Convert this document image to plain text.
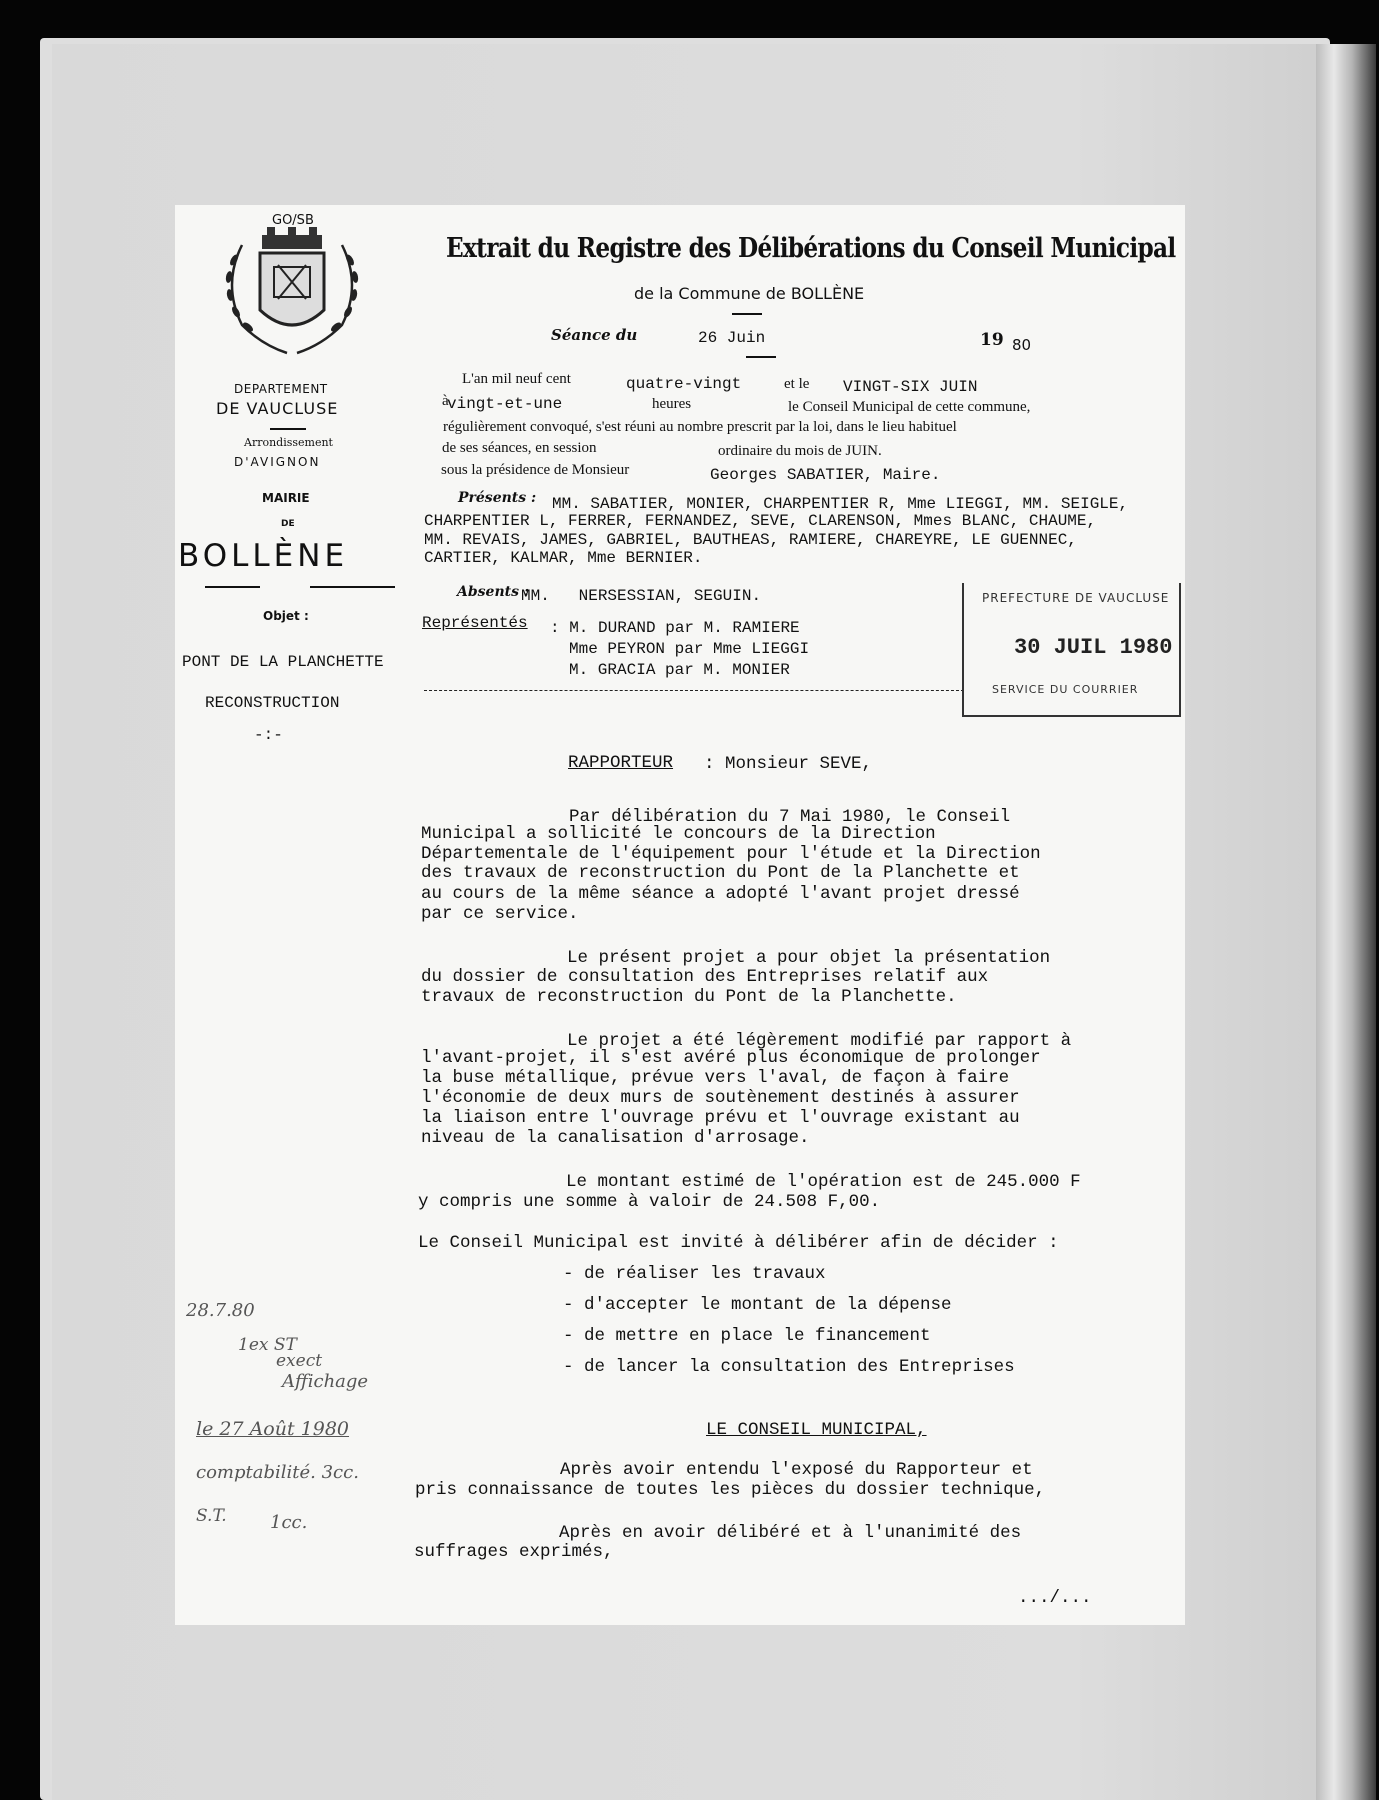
GO/SB
Extrait du Registre des Délibérations du Conseil Municipal
de la Commune de BOLLÈNE
Séance du	26 Juin	19 80
DEPARTEMENT
DE VAUCLUSE
Arrondissement
D'AVIGNON
MAIRIE
DE
BOLLÈNE
Objet :
PONT DE LA PLANCHETTE
RECONSTRUCTION
-:-
L'an mil neuf cent	quatre-vingt	et le VINGT-SIX JUIN
à
vingt-et-une	heures	le Conseil Municipal de cette commune,
régulièrement convoqué, s'est réuni au nombre prescrit par la loi, dans le lieu habituel
de ses séances, en session	ordinaire du mois de JUIN.
sous la présidence de Monsieur	Georges SABATIER, Maire.
Présents : MM. SABATIER, MONIER, CHARPENTIER R, Mme LIEGGI, MM. SEIGLE,
CHARPENTIER L, FERRER, FERNANDEZ, SEVE, CLARENSON, Mmes BLANC, CHAUME,
MM. REVAIS, JAMES, GABRIEL, BAUTHEAS, RAMIERE, CHAREYRE, LE GUENNEC,
CARTIER, KALMAR, Mme BERNIER.
Absents :
MM.   NERSESSIAN, SEGUIN.
Représentés : M. DURAND par M. RAMIERE
Mme PEYRON par Mme LIEGGI
M. GRACIA par M. MONIER
PREFECTURE DE VAUCLUSE
30 JUIL 1980
SERVICE DU COURRIER
RAPPORTEUR : Monsieur SEVE,
Par délibération du 7 Mai 1980, le Conseil
Municipal a sollicité le concours de la Direction
Départementale de l'équipement pour l'étude et la Direction
des travaux de reconstruction du Pont de la Planchette et
au cours de la même séance a adopté l'avant projet dressé
par ce service.
Le présent projet a pour objet la présentation
du dossier de consultation des Entreprises relatif aux
travaux de reconstruction du Pont de la Planchette.
Le projet a été légèrement modifié par rapport à
l'avant-projet, il s'est avéré plus économique de prolonger
la buse métallique, prévue vers l'aval, de façon à faire
l'économie de deux murs de soutènement destinés à assurer
la liaison entre l'ouvrage prévu et l'ouvrage existant au
niveau de la canalisation d'arrosage.
Le montant estimé de l'opération est de 245.000 F
y compris une somme à valoir de 24.508 F,00.
Le Conseil Municipal est invité à délibérer afin de décider :
- de réaliser les travaux
- d'accepter le montant de la dépense
- de mettre en place le financement
- de lancer la consultation des Entreprises
LE CONSEIL MUNICIPAL,
Après avoir entendu l'exposé du Rapporteur et
pris connaissance de toutes les pièces du dossier technique,
Après en avoir délibéré et à l'unanimité des
suffrages exprimés,
.../...
28.7.80
1ex ST
exect
Affichage
le 27 Août 1980
comptabilité. 3cc.
S.T. 1cc.
